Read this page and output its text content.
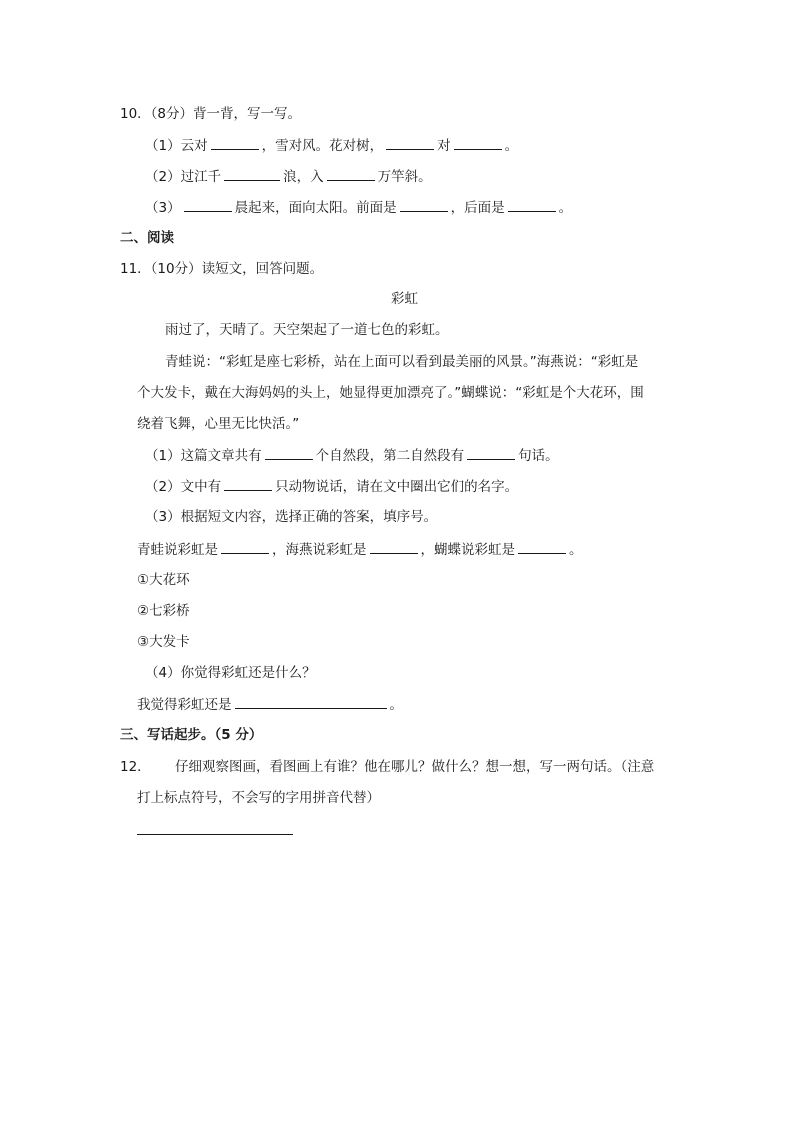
10．（8分）背一背，写一写。
（1）云对	，雪对风。花对树，	对	。
（2）过江千	浪，入	万竿斜。
（3）	晨起来，面向太阳。前面是	，后面是	。
二、阅读
11．（10分）读短文，回答问题。
彩虹
雨过了，天晴了。天空架起了一道七色的彩虹。
青蛙说：“彩虹是座七彩桥，站在上面可以看到最美丽的风景。”海燕说：“彩虹是
个大发卡，戴在大海妈妈的头上，她显得更加漂亮了。”蝴蝶说：“彩虹是个大花环，围
绕着飞舞，心里无比快活。”
（1）这篇文章共有	个自然段，第二自然段有	句话。
（2）文中有	只动物说话，请在文中圈出它们的名字。
（3）根据短文内容，选择正确的答案，填序号。
青蛙说彩虹是	，海燕说彩虹是	，蝴蝶说彩虹是	。
①大花环
②七彩桥
③大发卡
（4）你觉得彩虹还是什么？
我觉得彩虹还是	。
三、写话起步。（5 分）
12． 仔细观察图画，看图画上有谁？他在哪儿？做什么？想一想，写一两句话。（注意
打上标点符号，不会写的字用拼音代替）
